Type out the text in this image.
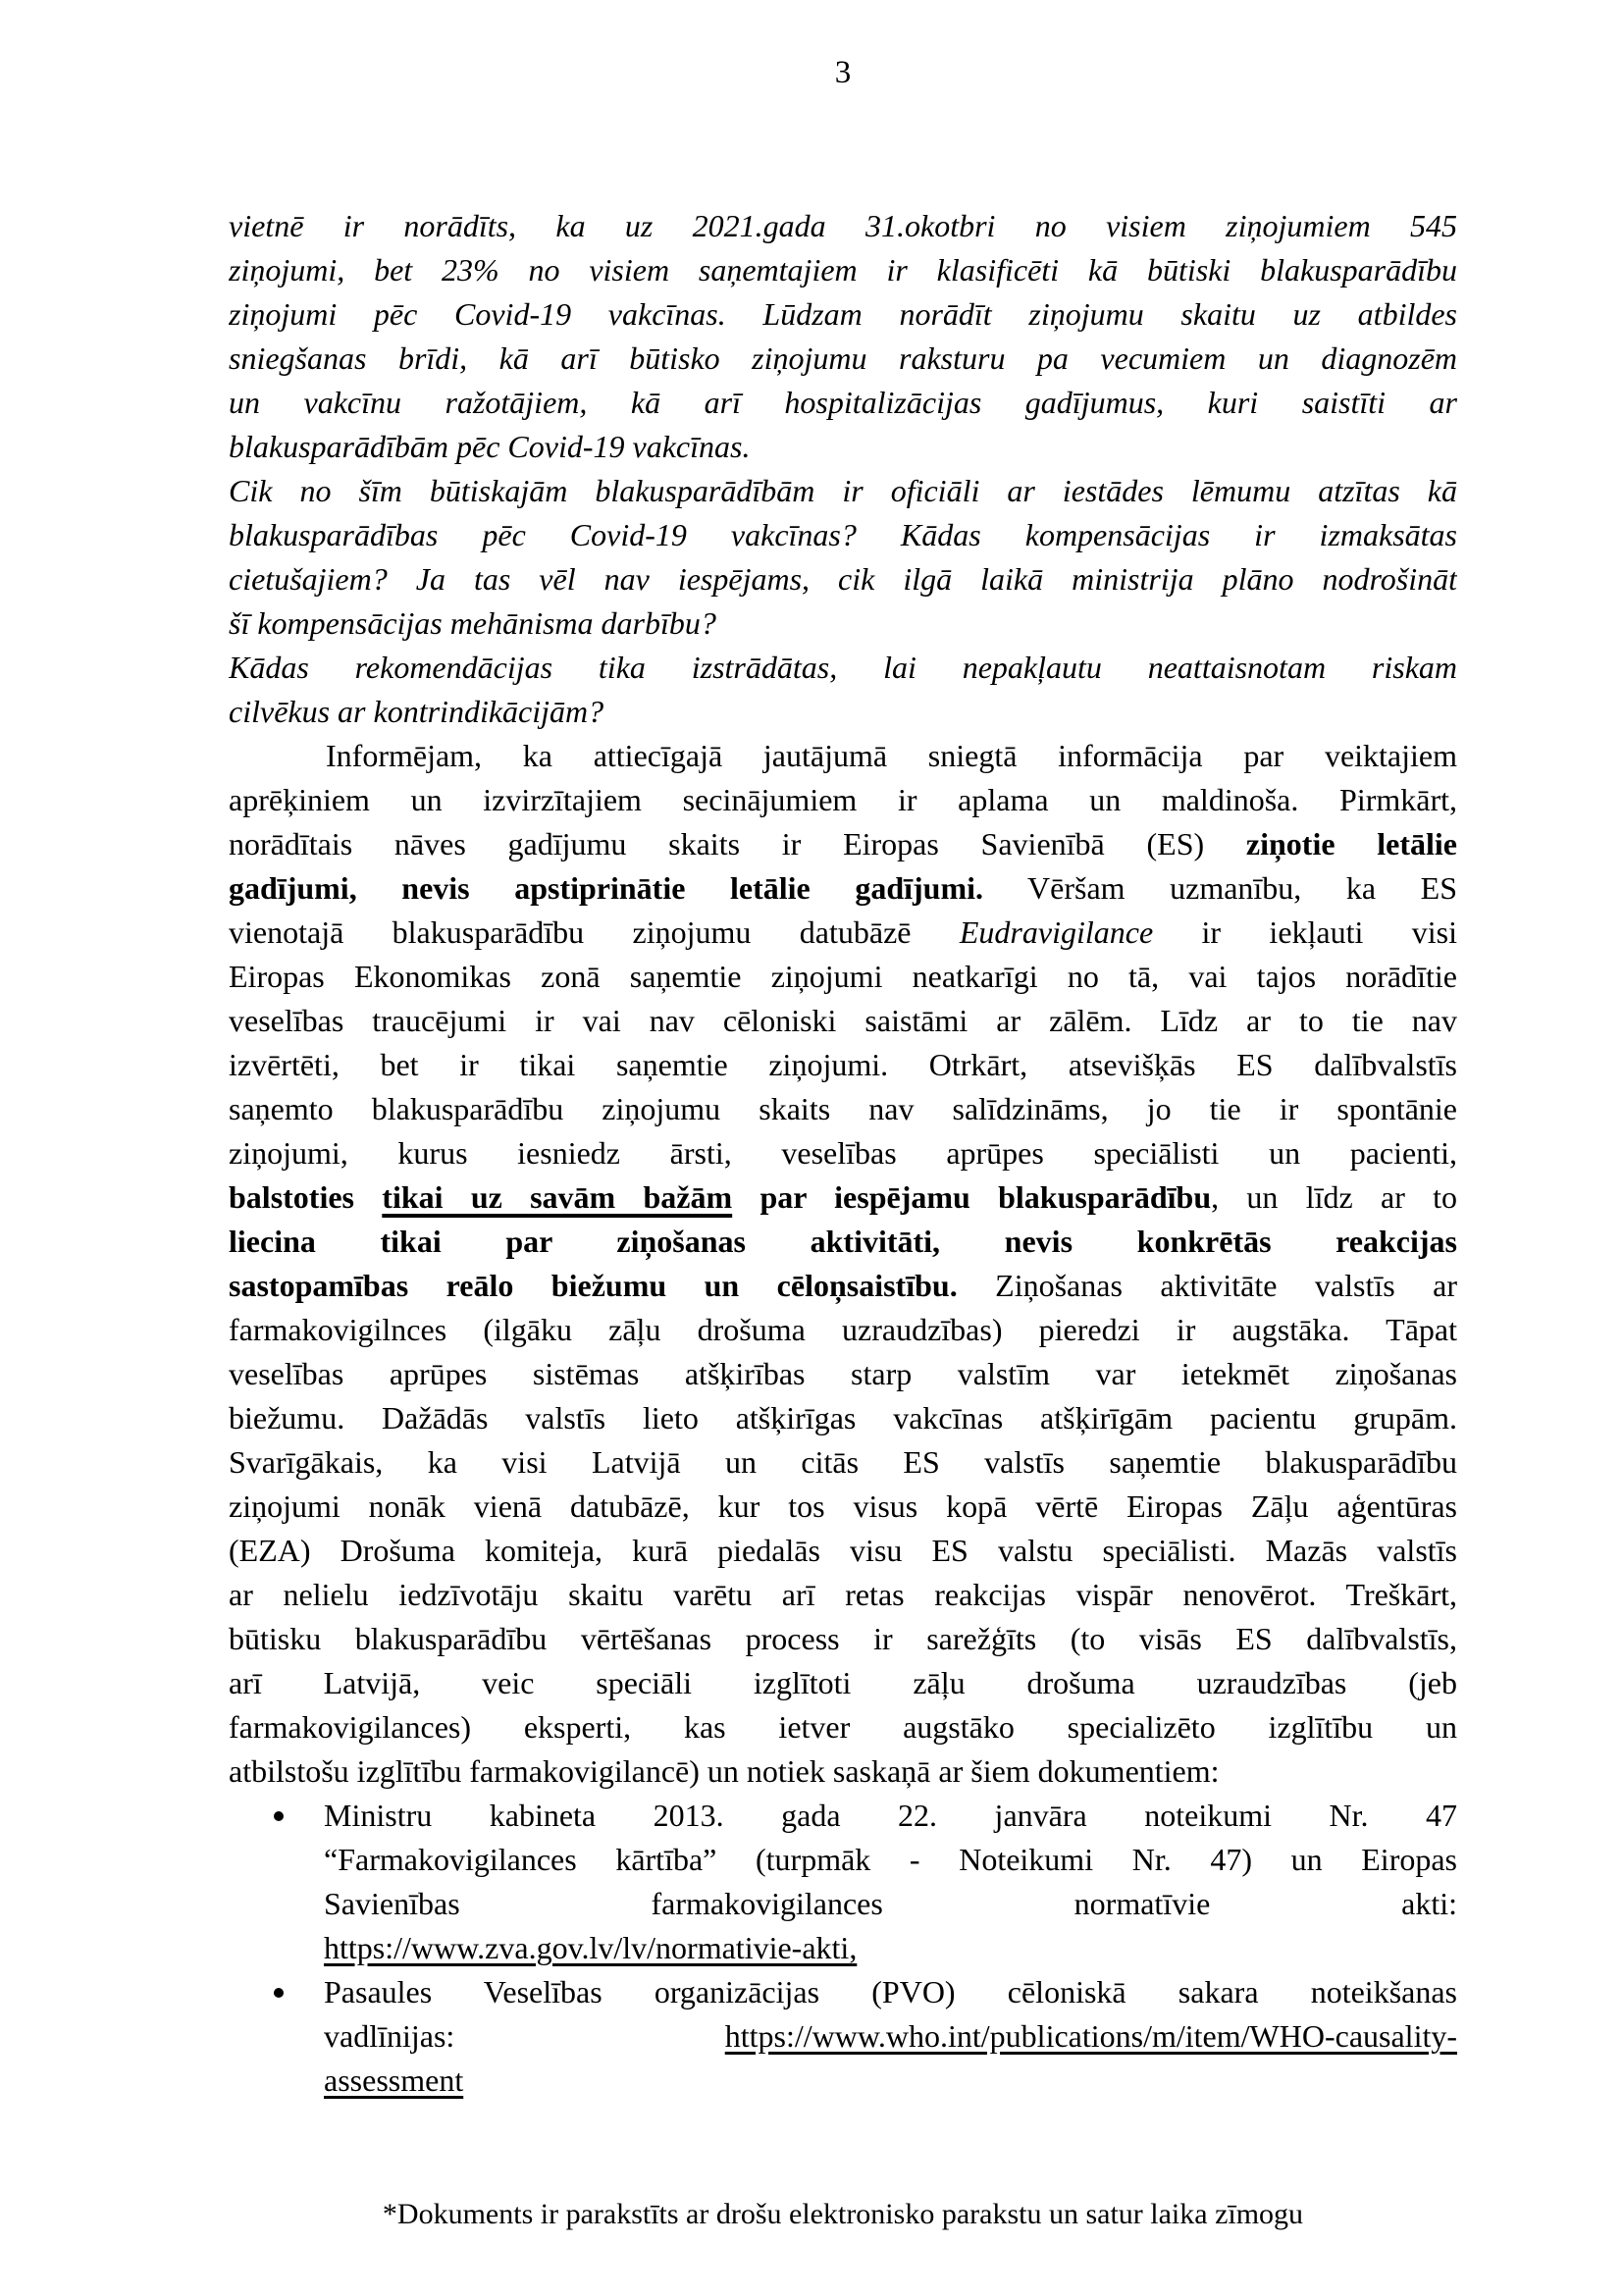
3
vietnē ir norādīts, ka uz 2021.gada 31.okotbri no visiem ziņojumiem 545
ziņojumi, bet 23% no visiem saņemtajiem ir klasificēti kā būtiski blakusparādību
ziņojumi pēc Covid-19 vakcīnas. Lūdzam norādīt ziņojumu skaitu uz atbildes
sniegšanas brīdi, kā arī būtisko ziņojumu raksturu pa vecumiem un diagnozēm
un vakcīnu ražotājiem, kā arī hospitalizācijas gadījumus, kuri saistīti ar
blakusparādībām pēc Covid-19 vakcīnas.
Cik no šīm būtiskajām blakusparādībām ir oficiāli ar iestādes lēmumu atzītas kā
blakusparādības pēc Covid-19 vakcīnas? Kādas kompensācijas ir izmaksātas
cietušajiem? Ja tas vēl nav iespējams, cik ilgā laikā ministrija plāno nodrošināt
šī kompensācijas mehānisma darbību?
Kādas rekomendācijas tika izstrādātas, lai nepakļautu neattaisnotam riskam
cilvēkus ar kontrindikācijām?
Informējam, ka attiecīgajā jautājumā sniegtā informācija par veiktajiem
aprēķiniem un izvirzītajiem secinājumiem ir aplama un maldinoša. Pirmkārt,
norādītais nāves gadījumu skaits ir Eiropas Savienībā (ES) ziņotie letālie
gadījumi, nevis apstiprinātie letālie gadījumi. Vēršam uzmanību, ka ES
vienotajā blakusparādību ziņojumu datubāzē Eudravigilance ir iekļauti visi
Eiropas Ekonomikas zonā saņemtie ziņojumi neatkarīgi no tā, vai tajos norādītie
veselības traucējumi ir vai nav cēloniski saistāmi ar zālēm. Līdz ar to tie nav
izvērtēti, bet ir tikai saņemtie ziņojumi. Otrkārt, atsevišķās ES dalībvalstīs
saņemto blakusparādību ziņojumu skaits nav salīdzināms, jo tie ir spontānie
ziņojumi, kurus iesniedz ārsti, veselības aprūpes speciālisti un pacienti,
balstoties tikai uz savām bažām par iespējamu blakusparādību, un līdz ar to
liecina tikai par ziņošanas aktivitāti, nevis konkrētās reakcijas
sastopamības reālo biežumu un cēloņsaistību. Ziņošanas aktivitāte valstīs ar
farmakovigilnces (ilgāku zāļu drošuma uzraudzības) pieredzi ir augstāka. Tāpat
veselības aprūpes sistēmas atšķirības starp valstīm var ietekmēt ziņošanas
biežumu. Dažādās valstīs lieto atšķirīgas vakcīnas atšķirīgām pacientu grupām.
Svarīgākais, ka visi Latvijā un citās ES valstīs saņemtie blakusparādību
ziņojumi nonāk vienā datubāzē, kur tos visus kopā vērtē Eiropas Zāļu aģentūras
(EZA) Drošuma komiteja, kurā piedalās visu ES valstu speciālisti. Mazās valstīs
ar nelielu iedzīvotāju skaitu varētu arī retas reakcijas vispār nenovērot. Treškārt,
būtisku blakusparādību vērtēšanas process ir sarežģīts (to visās ES dalībvalstīs,
arī Latvijā, veic speciāli izglītoti zāļu drošuma uzraudzības (jeb
farmakovigilances) eksperti, kas ietver augstāko specializēto izglītību un
atbilstošu izglītību farmakovigilancē) un notiek saskaņā ar šiem dokumentiem:
Ministru kabineta 2013. gada 22. janvāra noteikumi Nr. 47
“Farmakovigilances kārtība” (turpmāk - Noteikumi Nr. 47) un Eiropas
Savienības farmakovigilances normatīvie akti:
https://www.zva.gov.lv/lv/normativie-akti,
Pasaules Veselības organizācijas (PVO) cēloniskā sakara noteikšanas
vadlīnijas: https://www.who.int/publications/m/item/WHO-causality-
assessment
*Dokuments ir parakstīts ar drošu elektronisko parakstu un satur laika zīmogu
